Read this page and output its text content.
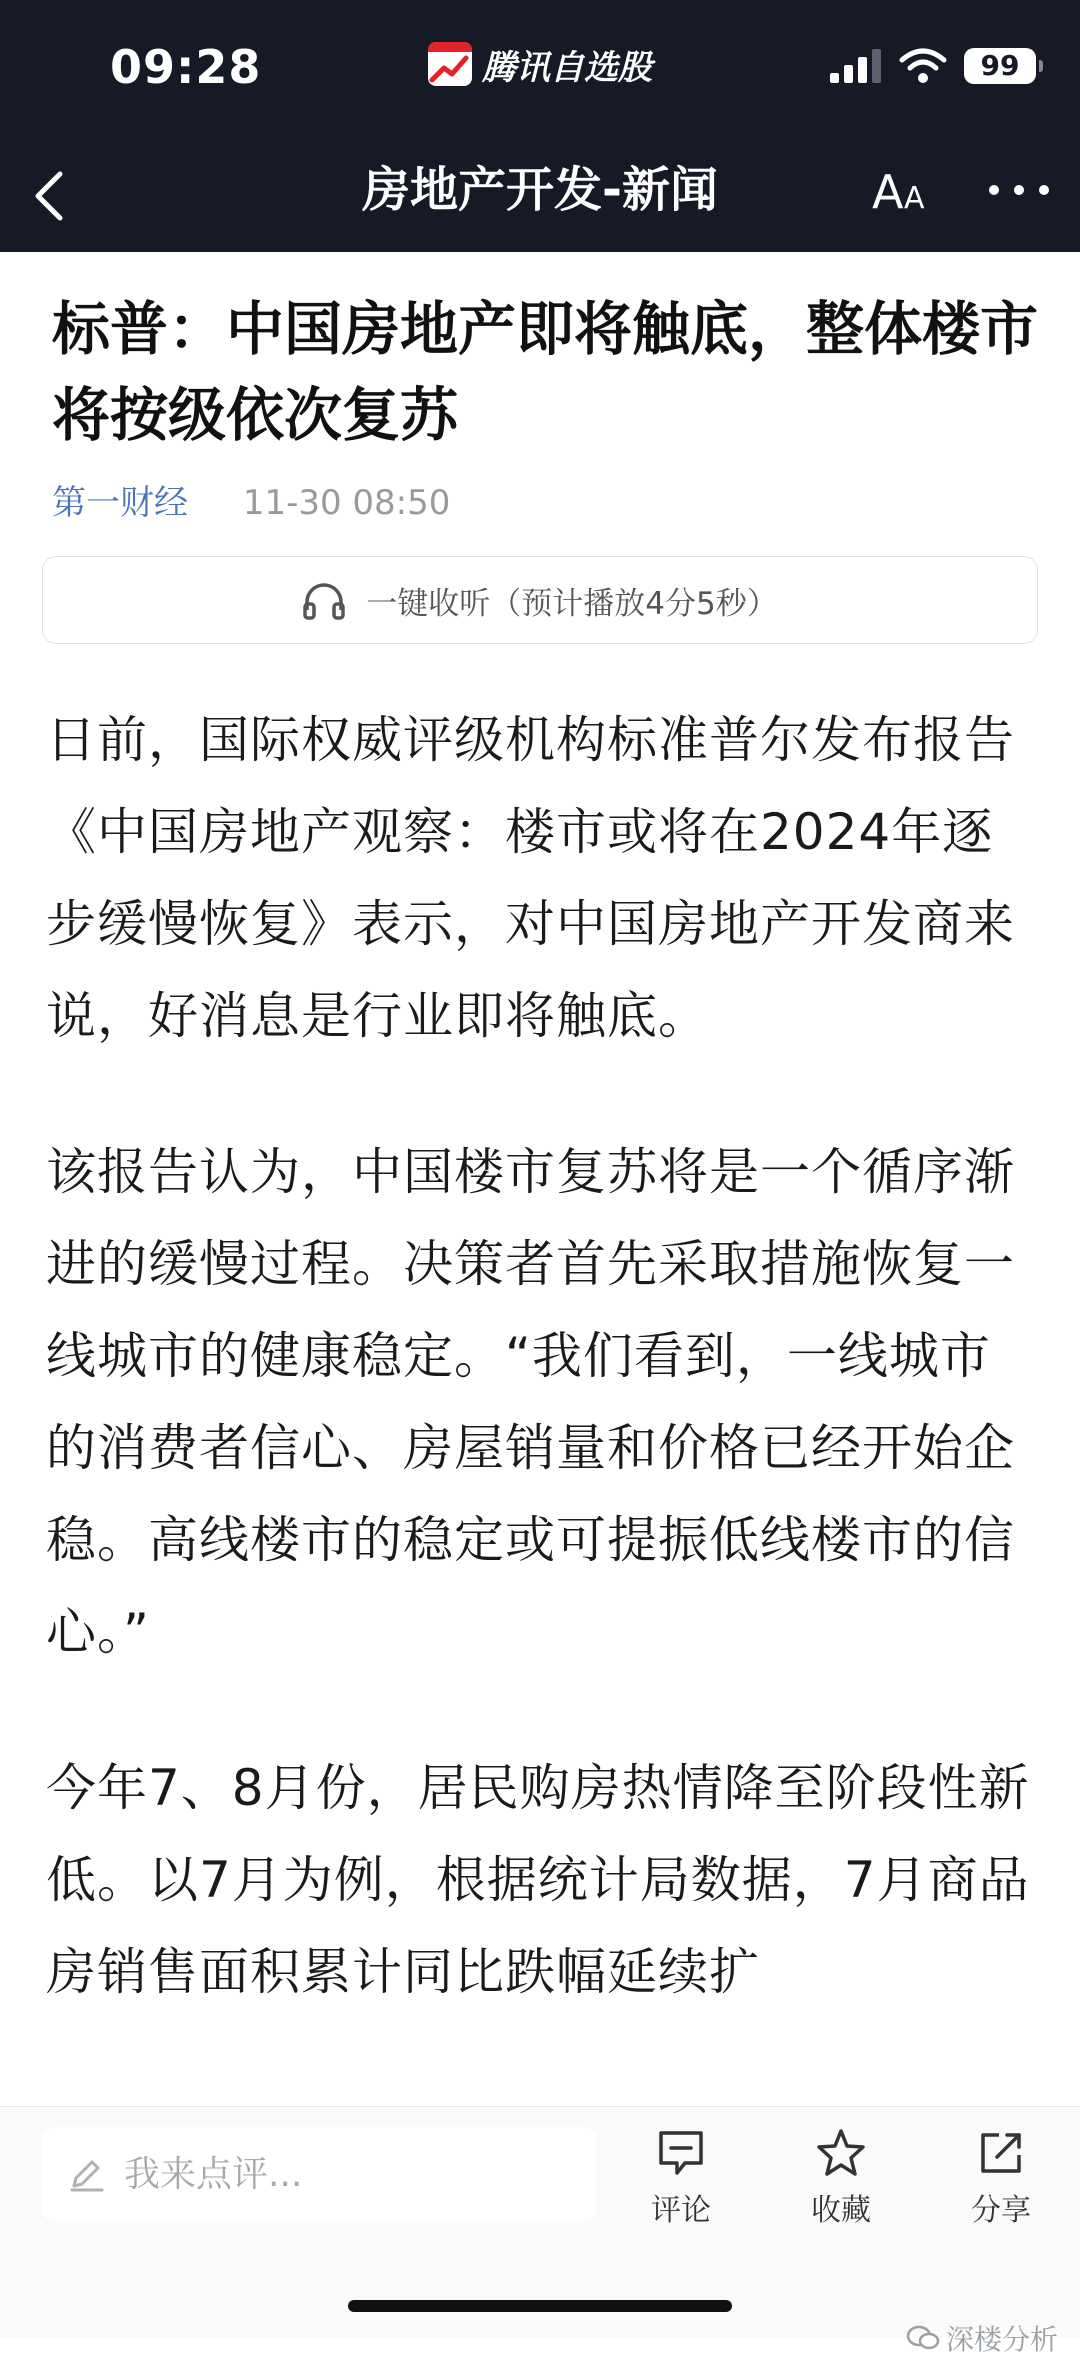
09:28	腾讯自选股	99
房地产开发-新闻	A A
标普：中国房地产即将触底，整体楼市将按级依次复苏
第一财经 11-30 08:50
一键收听（预计播放4分5秒）

日前，国际权威评级机构标准普尔发布报告《中国房地产观察：楼市或将在2024年逐步缓慢恢复》表示，对中国房地产开发商来说，好消息是行业即将触底。

该报告认为，中国楼市复苏将是一个循序渐进的缓慢过程。决策者首先采取措施恢复一线城市的健康稳定。“我们看到，一线城市的消费者信心、房屋销量和价格已经开始企稳。高线楼市的稳定或可提振低线楼市的信心。”

今年7、8月份，居民购房热情降至阶段性新低。以7月为例，根据统计局数据，7月商品房销售面积累计同比跌幅延续扩

我来点评...
评论	收藏	分享
深楼分析
